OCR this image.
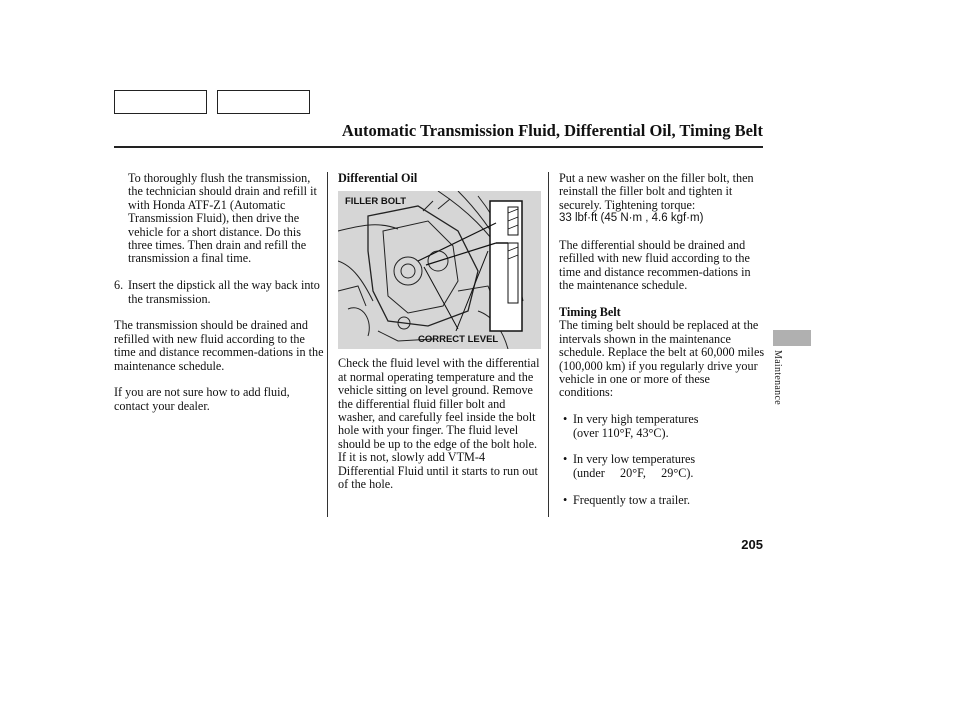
Automatic Transmission Fluid, Differential Oil, Timing Belt

To thoroughly flush the transmission, the technician should drain and refill it with Honda ATF-Z1 (Automatic Transmission Fluid), then drive the vehicle for a short distance. Do this three times. Then drain and refill the transmission a final time.

6. Insert the dipstick all the way back into the transmission.

The transmission should be drained and refilled with new fluid according to the time and distance recommen-dations in the maintenance schedule.

If you are not sure how to add fluid, contact your dealer.

Differential Oil

FILLER BOLT
CORRECT LEVEL

Check the fluid level with the differential at normal operating temperature and the vehicle sitting on level ground. Remove the differential fluid filler bolt and washer, and carefully feel inside the bolt hole with your finger. The fluid level should be up to the edge of the bolt hole. If it is not, slowly add VTM-4 Differential Fluid until it starts to run out of the hole.

Put a new washer on the filler bolt, then reinstall the filler bolt and tighten it securely. Tightening torque:

33 lbf·ft (45 N·m , 4.6 kgf·m)

The differential should be drained and refilled with new fluid according to the time and distance recommen-dations in the maintenance schedule.

Timing Belt

The timing belt should be replaced at the intervals shown in the maintenance schedule. Replace the belt at 60,000 miles (100,000 km) if you regularly drive your vehicle in one or more of these conditions:

• In very high temperatures
(over 110°F, 43°C).
• In very low temperatures
(under     20°F,     29°C).
• Frequently tow a trailer.
Maintenance
205
